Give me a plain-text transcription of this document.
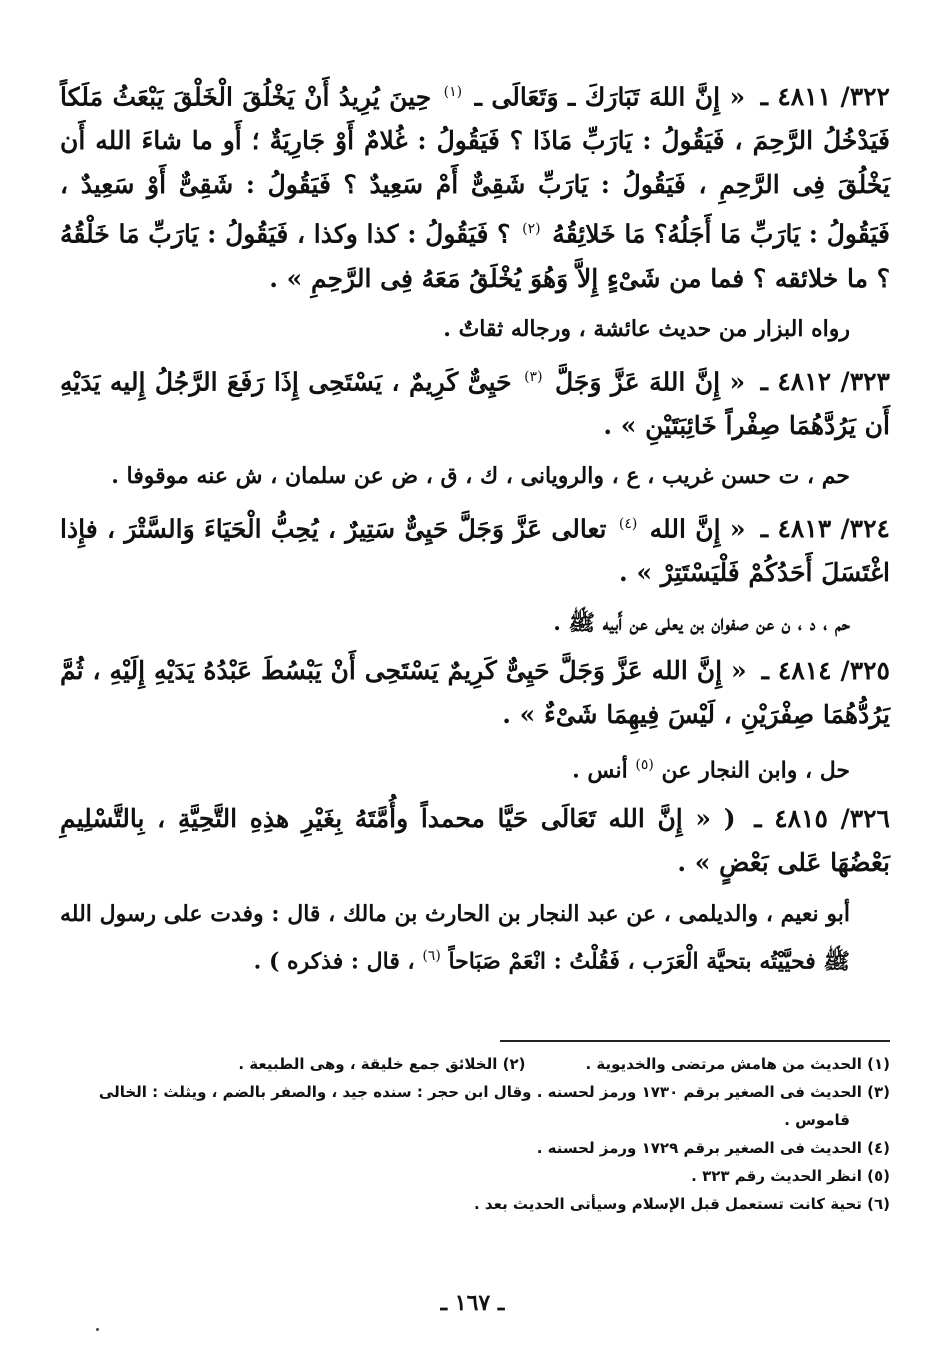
٣٢٢/ ٤٨١١ ـ « إِنَّ اللهَ تَبَارَكَ ـ وَتَعَالَى ـ $^{(١)}$ حِينَ يُرِيدُ أَنْ يَخْلُقَ الْخَلْقَ يَبْعَثُ مَلَكاً فَيَدْخُلُ الرَّحِمَ ، فَيَقُولُ : يَارَبِّ مَاذَا ؟ فَيَقُولُ : غُلامٌ أَوْ جَارِيَةٌ ؛ أَو ما شاءَ الله أَن يَخْلُقَ فِى الرَّحِمِ ، فَيَقُولُ : يَارَبِّ شَقِىٌّ أَمْ سَعِيدٌ ؟ فَيَقُولُ : شَقِىٌّ أَوْ سَعِيدٌ ، فَيَقُولُ : يَارَبِّ مَا أَجَلُهُ؟ مَا خَلائِقُهُ $^{(٢)}$ ؟ فَيَقُولُ : كذا وكذا ، فَيَقُولُ : يَارَبِّ مَا خَلْقُهُ ؟ ما خلائقه ؟ فما من شَىْءٍ إِلاَّ وَهُوَ يُخْلَقُ مَعَهُ فِى الرَّحِمِ » .

رواه البزار من حديث عائشة ، ورجاله ثقاتٌ .

٣٢٣/ ٤٨١٢ ـ « إِنَّ اللهَ عَزَّ وَجَلَّ $^{(٣)}$ حَيِىٌّ كَرِيمٌ ، يَسْتَحِى إِذَا رَفَعَ الرَّجُلُ إِليه يَدَيْهِ أَن يَرُدَّهُمَا صِفْراً خَائِبَتَيْنِ » .

حم ، ت حسن غريب ، ع ، والرويانى ، ك ، ق ، ض عن سلمان ، ش عنه موقوفا .

٣٢٤/ ٤٨١٣ ـ « إِنَّ الله $^{(٤)}$ تعالى عَزَّ وَجَلَّ حَيِىٌّ سَتِيرٌ ، يُحِبُّ الْحَيَاءَ وَالسَّتْرَ ، فإِذا اغْتَسَلَ أَحَدُكُمْ فَلْيَسْتَتِرْ » .

حم ، د ، ن عن صفوان بن يعلى عن أَبيه ﷺ .

٣٢٥/ ٤٨١٤ ـ « إِنَّ الله عَزَّ وَجَلَّ حَيِىٌّ كَرِيمٌ يَسْتَحِى أَنْ يَبْسُطَ عَبْدُهُ يَدَيْهِ إِلَيْهِ ، ثُمَّ يَرُدُّهُمَا صِفْرَيْنِ ، لَيْسَ فِيهِمَا شَىْءٌ » .

حل ، وابن النجار عن $^{(٥)}$ أنس .

٣٢٦/ ٤٨١٥ ـ ( « إِنَّ الله تَعَالَى حَيَّا محمداً وأُمَّتَهُ بِغَيْرِ هذِهِ التَّحِيَّةِ ، بِالتَّسْلِيمِ بَعْضُهَا عَلى بَعْضٍ » .

أبو نعيم ، والديلمى ، عن عبد النجار بن الحارث بن مالك ، قال : وفدت على رسول الله ﷺ فحيَّيْتُه بتحيَّة الْعَرَب ، فَقُلْتُ : انْعَمْ صَبَاحاً $^{(٦)}$ ، قال : فذكره ) .

(١) الحديث من هامش مرتضى والخديوية .
(٢) الخلائق جمع خليقة ، وهى الطبيعة .
(٣) الحديث فى الصغير برقم ١٧٣٠ ورمز لحسنه . وقال ابن حجر : سنده جيد ، والصفر بالضم ، ويثلث : الخالى
قاموس .
(٤) الحديث فى الصغير برقم ١٧٢٩ ورمز لحسنه .
(٥) انظر الحديث رقم ٣٢٣ .
(٦) تحية كانت تستعمل قبل الإسلام وسيأتى الحديث بعد .
ـ ١٦٧ ـ
